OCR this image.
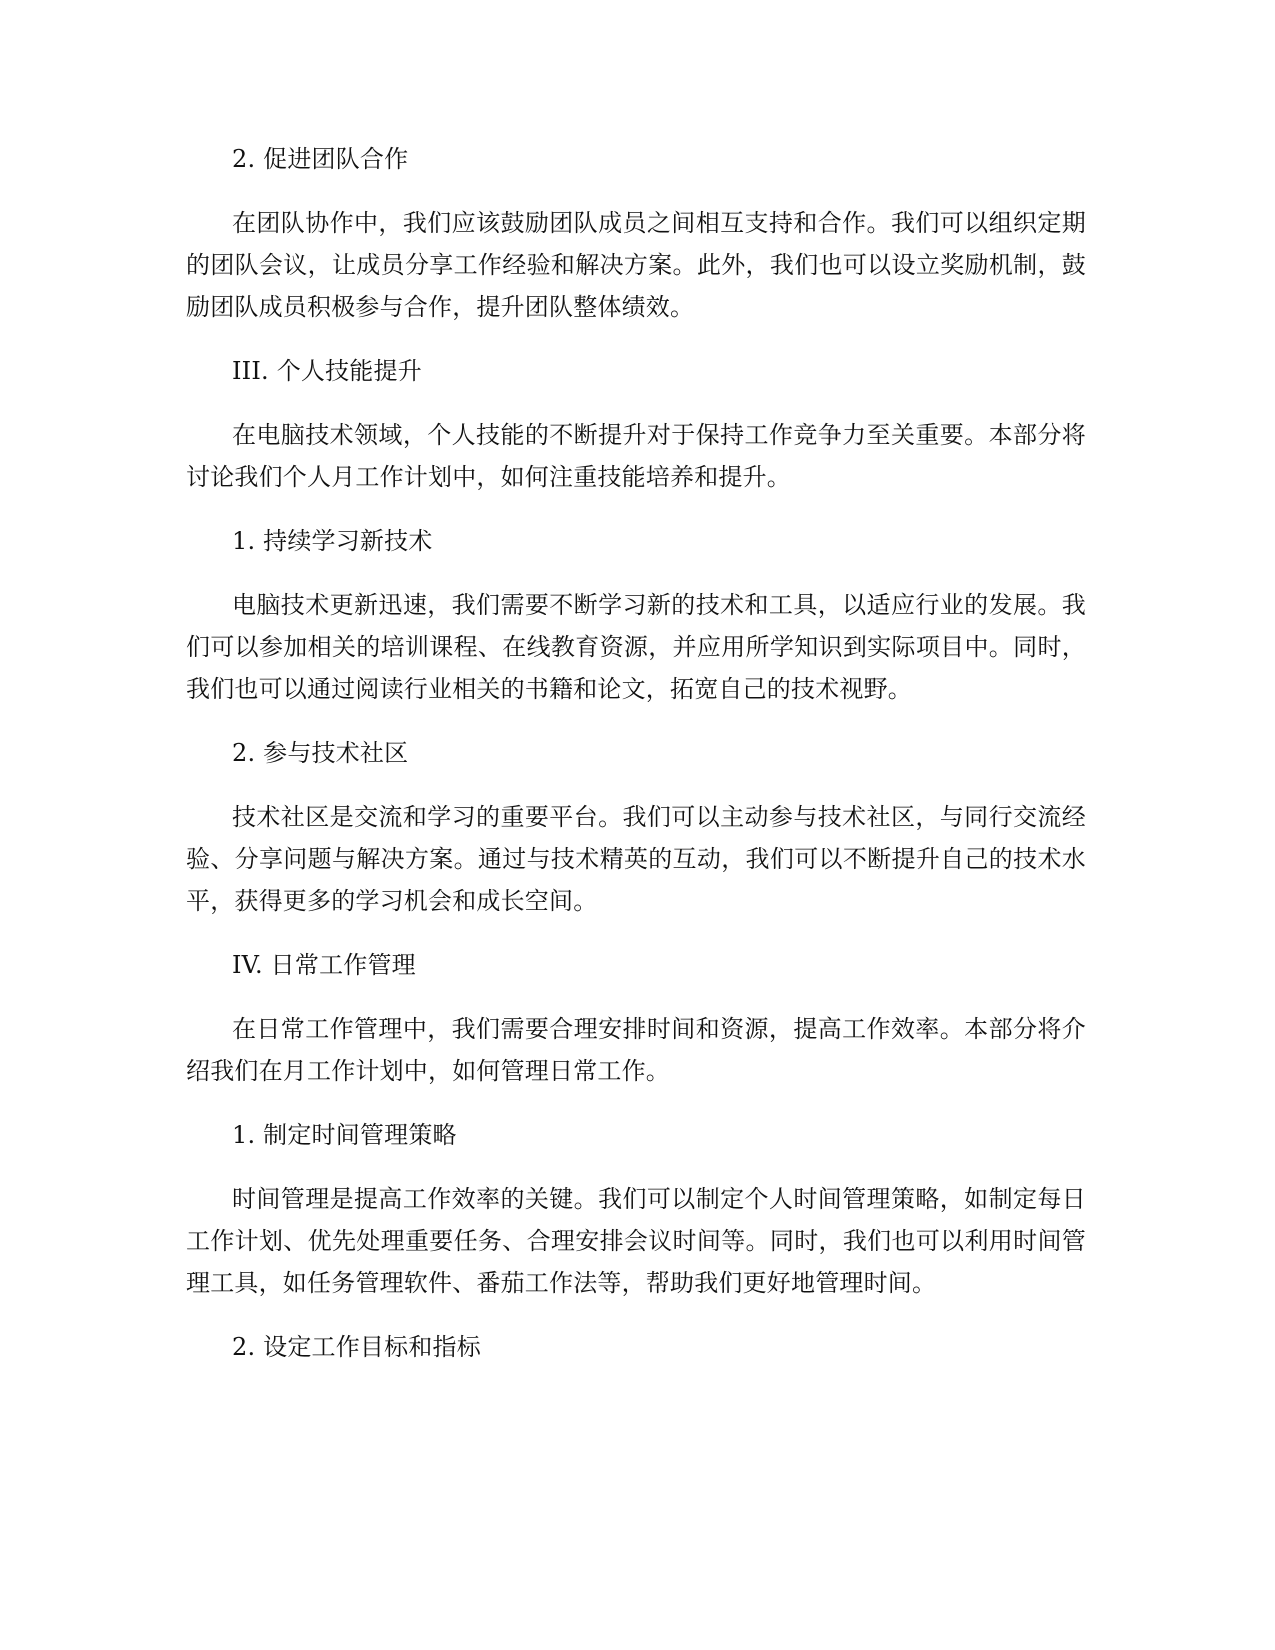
2. 促进团队合作

在团队协作中，我们应该鼓励团队成员之间相互支持和合作。我们可以组织定期的团队会议，让成员分享工作经验和解决方案。此外，我们也可以设立奖励机制，鼓励团队成员积极参与合作，提升团队整体绩效。

III. 个人技能提升

在电脑技术领域，个人技能的不断提升对于保持工作竞争力至关重要。本部分将讨论我们个人月工作计划中，如何注重技能培养和提升。

1. 持续学习新技术

电脑技术更新迅速，我们需要不断学习新的技术和工具，以适应行业的发展。我们可以参加相关的培训课程、在线教育资源，并应用所学知识到实际项目中。同时，我们也可以通过阅读行业相关的书籍和论文，拓宽自己的技术视野。

2. 参与技术社区

技术社区是交流和学习的重要平台。我们可以主动参与技术社区，与同行交流经验、分享问题与解决方案。通过与技术精英的互动，我们可以不断提升自己的技术水平，获得更多的学习机会和成长空间。

IV. 日常工作管理

在日常工作管理中，我们需要合理安排时间和资源，提高工作效率。本部分将介绍我们在月工作计划中，如何管理日常工作。

1. 制定时间管理策略

时间管理是提高工作效率的关键。我们可以制定个人时间管理策略，如制定每日工作计划、优先处理重要任务、合理安排会议时间等。同时，我们也可以利用时间管理工具，如任务管理软件、番茄工作法等，帮助我们更好地管理时间。

2. 设定工作目标和指标
